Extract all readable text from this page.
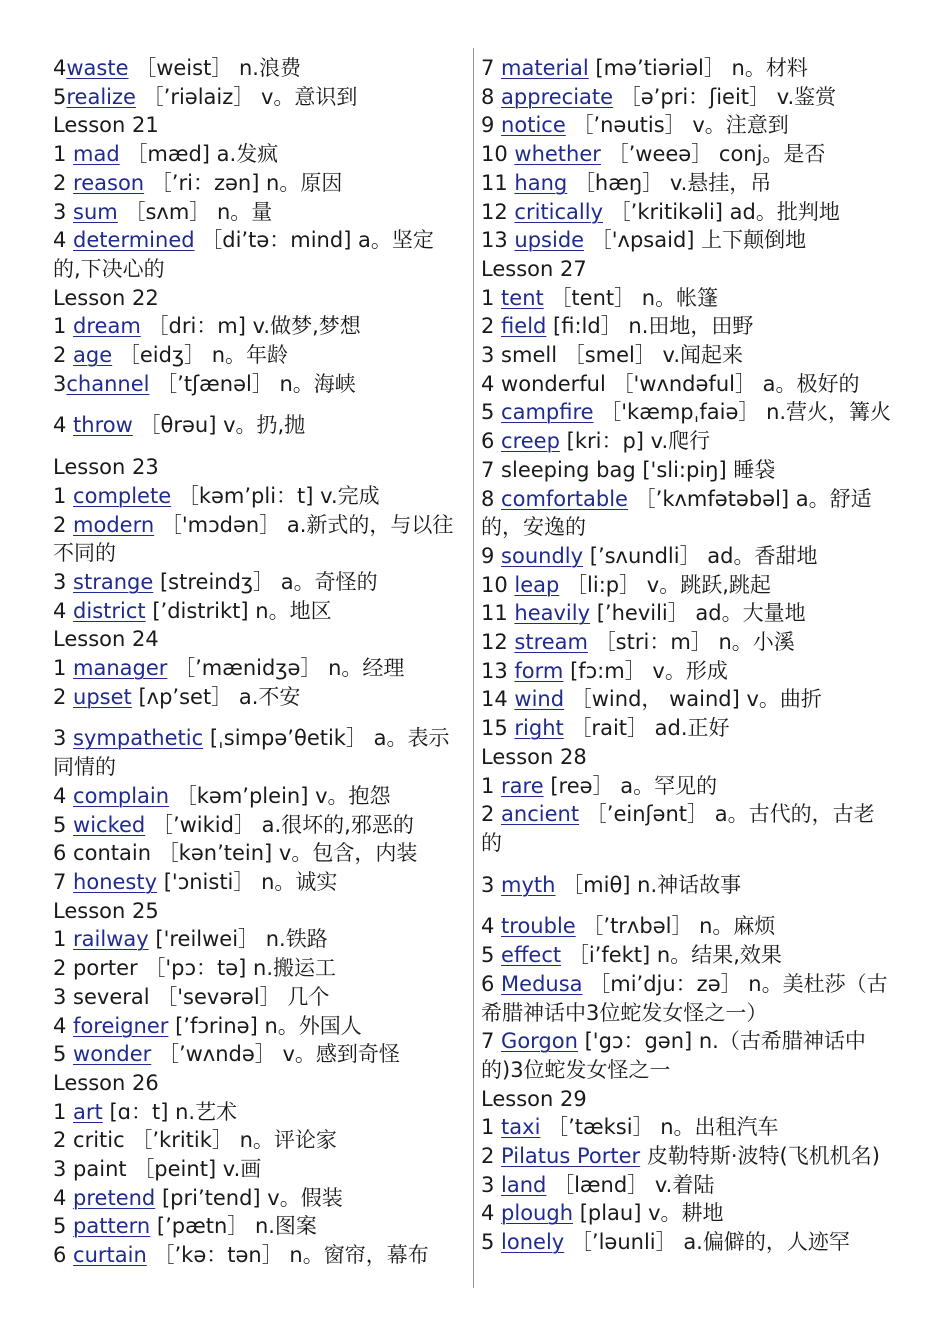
4waste ［weist］ n.浪费
5realize ［’riəlaiz］ v。意识到
Lesson 21
1 mad ［mæd] a.发疯
2 reason ［’ri：zən] n。原因
3 sum ［sʌm］ n。量
4 determined ［di’tə：mind] a。坚定的,下决心的
Lesson 22
1 dream ［dri：m] v.做梦,梦想
2 age ［eidʒ］ n。年龄
3channel ［’tʃænəl］ n。海峡
4 throw ［θrəu] v。扔,抛
Lesson 23
1 complete ［kəm’pli：t] v.完成
2 modern ［'mɔdən］ a.新式的，与以往不同的
3 strange [streindʒ］ a。奇怪的
4 district [’distrikt] n。地区
Lesson 24
1 manager ［’mænidʒə］ n。经理
2 upset [ʌp’set］ a.不安
3 sympathetic [ˌsimpə’θetik］ a。表示同情的
4 complain ［kəm’plein] v。抱怨
5 wicked ［’wikid］ a.很坏的,邪恶的
6 contain ［kən’tein] v。包含，内装
7 honesty ['ɔnisti］ n。诚实
Lesson 25
1 railway ['reilwei］ n.铁路
2 porter ［'pɔ：tə] n.搬运工
3 several ［'sevərəl］ 几个
4 foreigner [’fɔrinə] n。外国人
5 wonder ［’wʌndə］ v。感到奇怪
Lesson 26
1 art [ɑ：t] n.艺术
2 critic ［’kritik］ n。评论家
3 paint ［peint] v.画
4 pretend [pri’tend] v。假装
5 pattern [’pætn］ n.图案
6 curtain ［’kə：tən］ n。窗帘，幕布
7 material [mə’tiəriəl］ n。材料
8 appreciate ［ə’pri：ʃieit］ v.鉴赏
9 notice ［’nəutis］ v。注意到
10 whether ［’weeə］ conj。是否
11 hang ［hæŋ］ v.悬挂，吊
12 critically ［’kritikəli] ad。批判地
13 upside ［'ʌpsaid] 上下颠倒地
Lesson 27
1 tent ［tent］ n。帐篷
2 field [fi:ld］ n.田地，田野
3 smell ［smel］ v.闻起来
4 wonderful ［'wʌndəful］ a。极好的
5 campfire ［'kæmpˌfaiə］ n.营火，篝火
6 creep [kri：p] v.爬行
7 sleeping bag ['sli:piŋ] 睡袋
8 comfortable ［’kʌmfətəbəl] a。舒适的，安逸的
9 soundly [’sʌundli］ ad。香甜地
10 leap ［li:p］ v。跳跃,跳起
11 heavily [’hevili］ ad。大量地
12 stream ［stri：m］ n。小溪
13 form [fɔ:m］ v。形成
14 wind ［wind， waind] v。曲折
15 right ［rait］ ad.正好
Lesson 28
1 rare [reə］ a。罕见的
2 ancient ［’einʃənt］ a。古代的，古老的
3 myth ［miθ] n.神话故事
4 trouble ［’trʌbəl］ n。麻烦
5 effect ［i’fekt] n。结果,效果
6 Medusa ［mi’dju：zə］ n。美杜莎（古希腊神话中3位蛇发女怪之一）
7 Gorgon ['gɔ：gən] n.（古希腊神话中的)3位蛇发女怪之一
Lesson 29
1 taxi ［’tæksi］ n。出租汽车
2 Pilatus Porter 皮勒特斯·波特(飞机机名)
3 land ［lænd］ v.着陆
4 plough [plau] v。耕地
5 lonely ［’ləunli］ a.偏僻的，人迹罕
